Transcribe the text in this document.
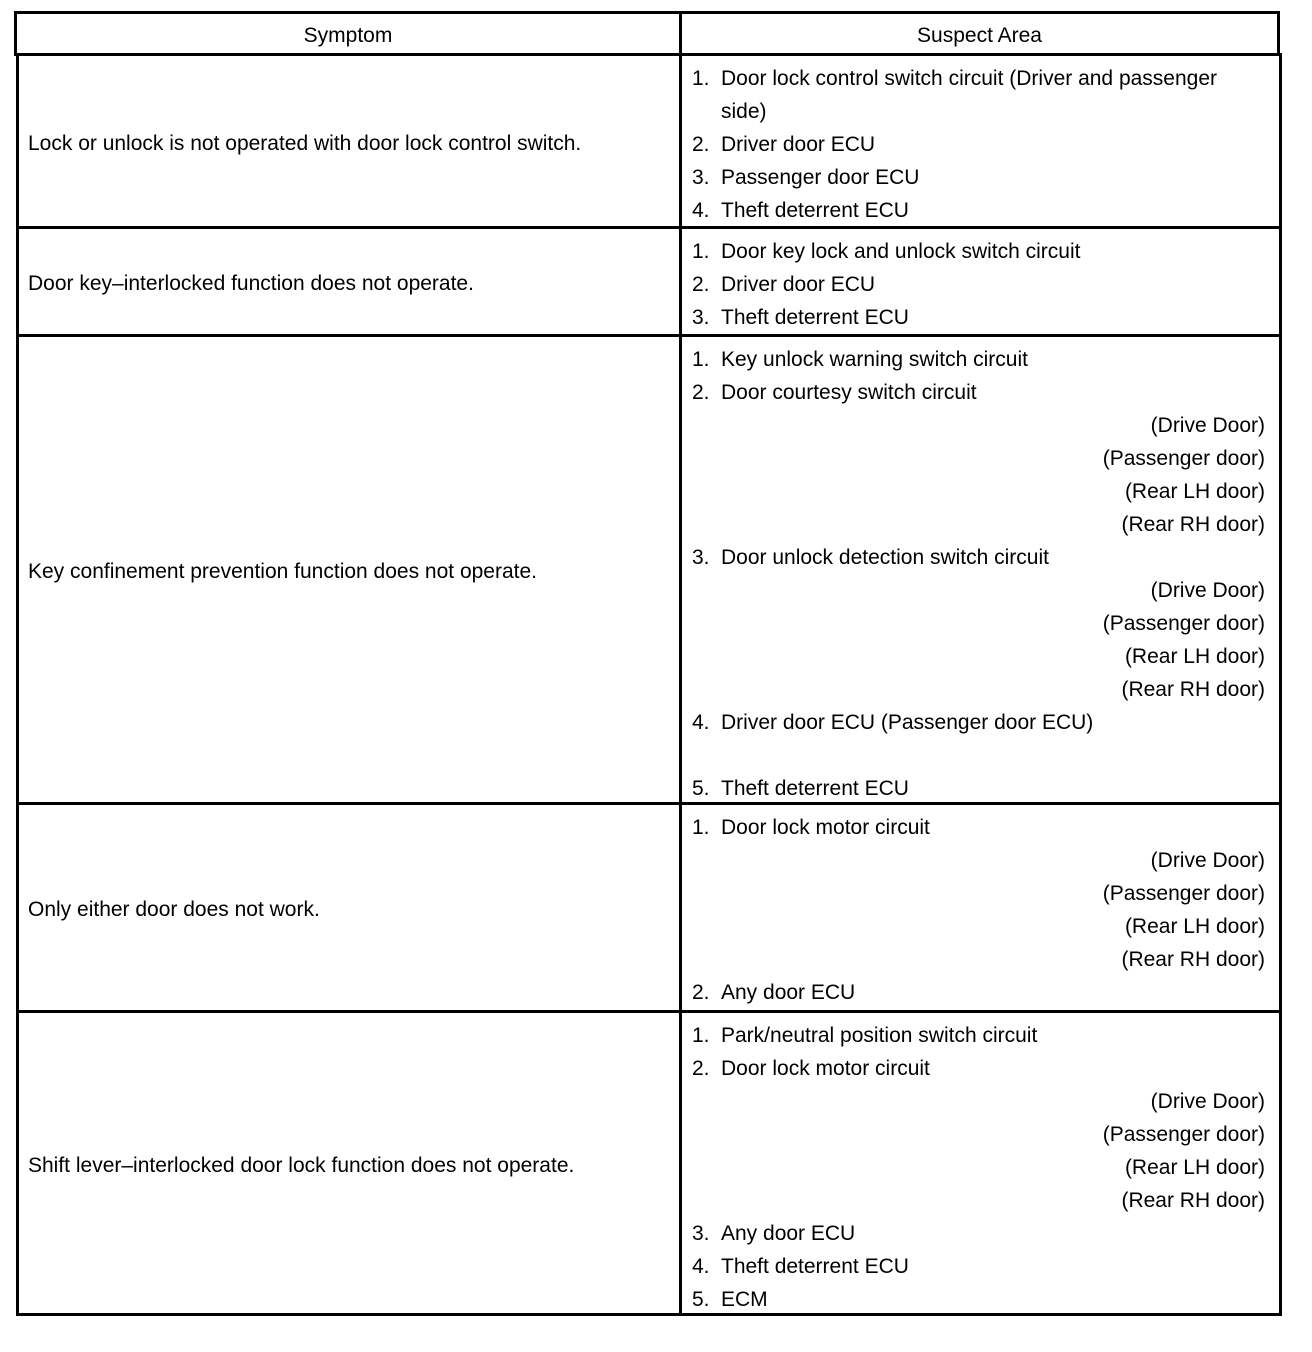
Symptom	Suspect Area
Lock or unlock is not operated with door lock control switch.
1. Door lock control switch circuit (Driver and passenger
side)
2. Driver door ECU
3. Passenger door ECU
4. Theft deterrent ECU
Door key–interlocked function does not operate.
1. Door key lock and unlock switch circuit
2. Driver door ECU
3. Theft deterrent ECU
Key confinement prevention function does not operate.
1. Key unlock warning switch circuit
2. Door courtesy switch circuit
(Drive Door)
(Passenger door)
(Rear LH door)
(Rear RH door)
3. Door unlock detection switch circuit
(Drive Door)
(Passenger door)
(Rear LH door)
(Rear RH door)
4. Driver door ECU (Passenger door ECU)
5. Theft deterrent ECU
Only either door does not work.
1. Door lock motor circuit
(Drive Door)
(Passenger door)
(Rear LH door)
(Rear RH door)
2. Any door ECU
Shift lever–interlocked door lock function does not operate.
1. Park/neutral position switch circuit
2. Door lock motor circuit
(Drive Door)
(Passenger door)
(Rear LH door)
(Rear RH door)
3. Any door ECU
4. Theft deterrent ECU
5. ECM
